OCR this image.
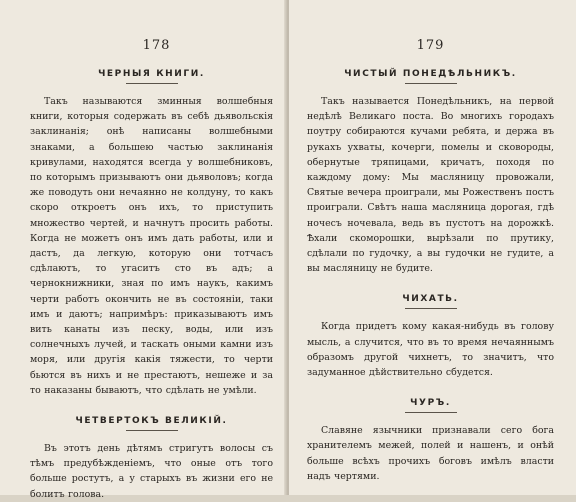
178
ЧЕРНЫЯ КНИГИ.

Такъ называются зминныя волшебныя книги, которыя содержать въ себѣ дьявольскія заклинанія; онѣ написаны волшебными знаками, а большею частью заклинанія кривулами, находятся всегда у волшебниковъ, по которымъ призываютъ они дьяволовъ; когда же поводуть они нечаянно не колдуну, то какъ скоро откроетъ онъ ихъ, то приступить множество чертей, и начнутъ просить работы. Когда не можетъ онъ имъ дать работы, или и дастъ, да легкую, которую они тотчасъ сдѣлаютъ, то угаситъ сто въ адъ; а чернокнижники, зная по имъ наукъ, какимъ черти работъ окончить не въ состояніи, таки имъ и даютъ; напримѣръ: приказываютъ имъ вить канаты изъ песку, воды, или изъ солнечныхъ лучей, и таскать оными камни изъ моря, или другія какія тяжести, то черти бьются въ нихъ и не престаютъ, нешеже и за то наказаны бываютъ, что сдѣлать не умѣли.

ЧЕТВЕРТОКЪ ВЕЛИКІЙ.

Въ этотъ день дѣтямъ стригутъ волосы съ тѣмъ предубѣжденіемъ, что оные отъ того больше ростутъ, а у старыхъ въ жизни его не болитъ голова.

179
ЧИСТЫЙ ПОНЕДѢЛЬНИКЪ.

Такъ называется Понедѣльникъ, на первой недѣлѣ Великаго поста. Во многихъ городахъ поутру собираются кучами ребята, и держа въ рукахъ ухваты, кочерги, помелы и сковороды, обернутые тряпицами, кричатъ, походя по каждому дому: Мы масляницу провожали, Святые вечера проиграли, мы Рожественъ постъ проиграли. Свѣтъ наша масляница дорогая, гдѣ ночесъ ночевала, ведь въ пустотъ на дорожкѣ. Ѣхали скоморошки, вырѣзали по прутику, сдѣлали по гудочку, а вы гудочки не гудите, а вы масляницу не будите.

ЧИХАТЬ.

Когда придетъ кому какая-нибудь въ голову мысль, а случится, что въ то время нечаяннымъ образомъ другой чихнетъ, то значитъ, что задуманное дѣйствительно сбудется.

ЧУРЪ.

Славяне язычники признавали сего бога хранителемъ межей, полей и нашенъ, и онѣй больше всѣхъ прочихъ боговъ имѣлъ власти надъ чертями.
